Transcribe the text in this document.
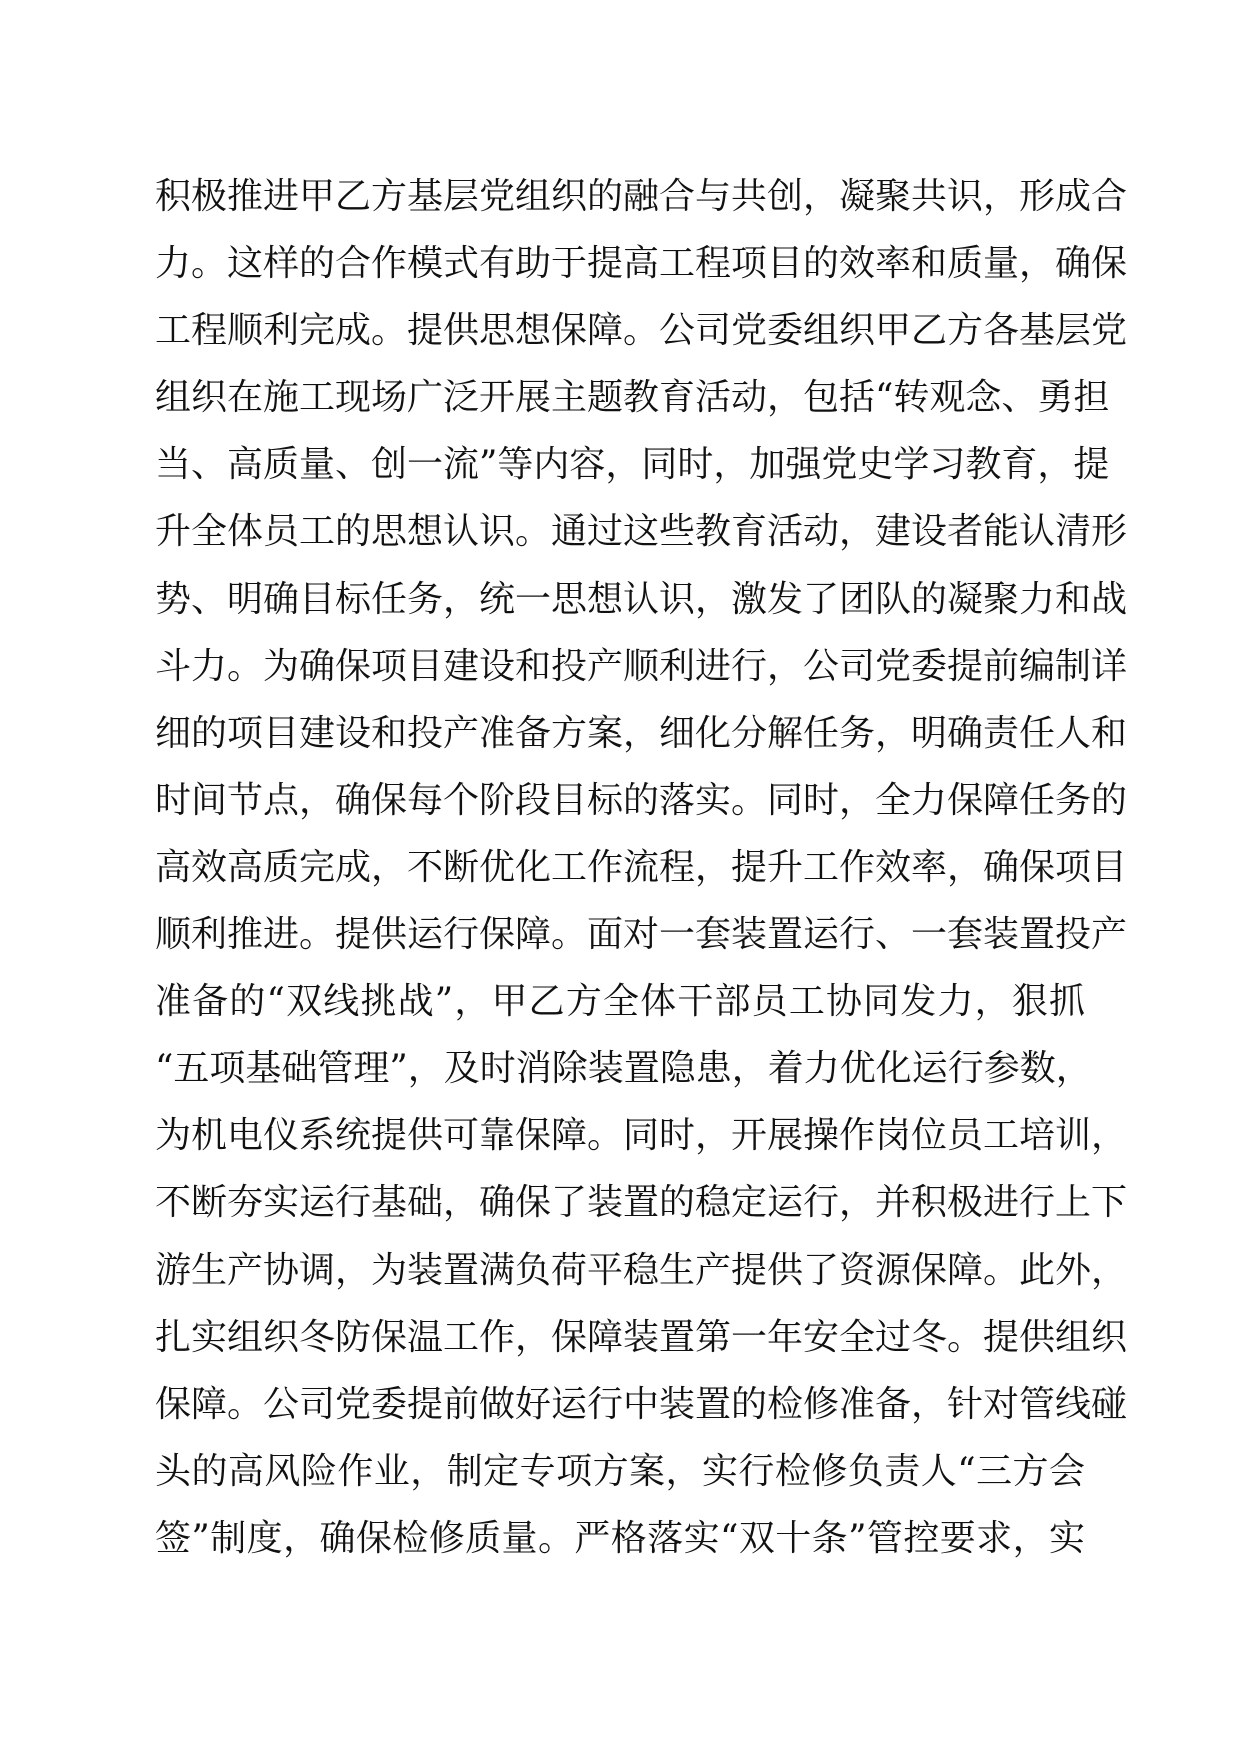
积极推进甲乙方基层党组织的融合与共创，凝聚共识，形成合
力。这样的合作模式有助于提高工程项目的效率和质量，确保
工程顺利完成。提供思想保障。公司党委组织甲乙方各基层党
组织在施工现场广泛开展主题教育活动，包括“转观念、勇担
当、高质量、创一流”等内容，同时，加强党史学习教育，提
升全体员工的思想认识。通过这些教育活动，建设者能认清形
势、明确目标任务，统一思想认识，激发了团队的凝聚力和战
斗力。为确保项目建设和投产顺利进行，公司党委提前编制详
细的项目建设和投产准备方案，细化分解任务，明确责任人和
时间节点，确保每个阶段目标的落实。同时，全力保障任务的
高效高质完成，不断优化工作流程，提升工作效率，确保项目
顺利推进。提供运行保障。面对一套装置运行、一套装置投产
准备的“双线挑战”，甲乙方全体干部员工协同发力，狠抓
“五项基础管理”，及时消除装置隐患，着力优化运行参数，
为机电仪系统提供可靠保障。同时，开展操作岗位员工培训，
不断夯实运行基础，确保了装置的稳定运行，并积极进行上下
游生产协调，为装置满负荷平稳生产提供了资源保障。此外，
扎实组织冬防保温工作，保障装置第一年安全过冬。提供组织
保障。公司党委提前做好运行中装置的检修准备，针对管线碰
头的高风险作业，制定专项方案，实行检修负责人“三方会
签”制度，确保检修质量。严格落实“双十条”管控要求，实
